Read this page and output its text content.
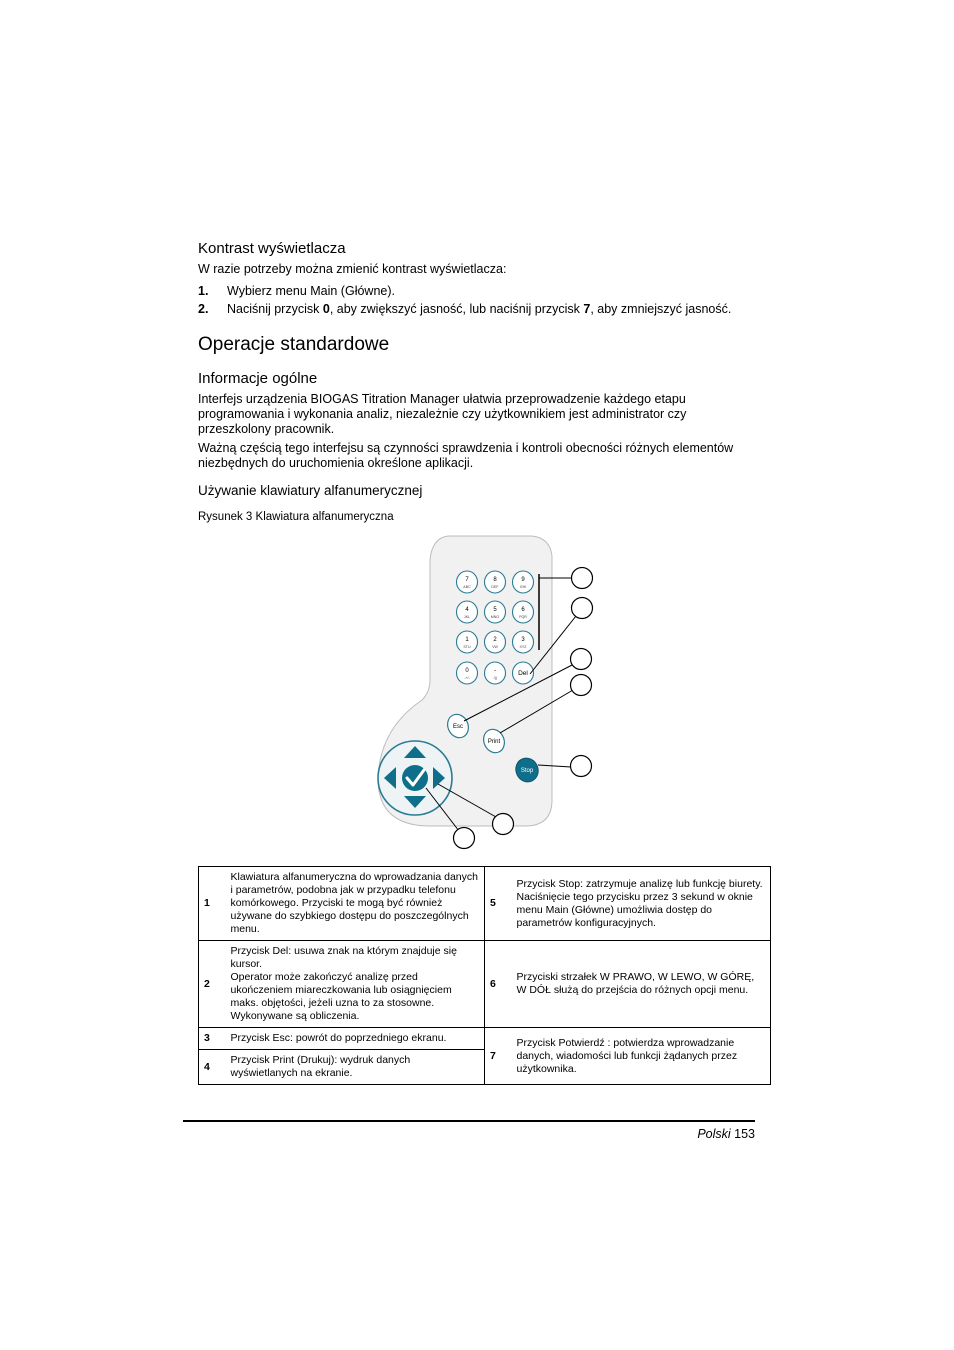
Kontrast wyświetlacza
W razie potrzeby można zmienić kontrast wyświetlacza:
1. Wybierz menu Main (Główne).
2. Naciśnij przycisk 0, aby zwiększyć jasność, lub naciśnij przycisk 7, aby zmniejszyć jasność.
Operacje standardowe
Informacje ogólne
Interfejs urządzenia BIOGAS Titration Manager ułatwia przeprowadzenie każdego etapu programowania i wykonania analiz, niezależnie czy użytkownikiem jest administrator czy przeszkolony pracownik.
Ważną częścią tego interfejsu są czynności sprawdzenia i kontroli obecności różnych elementów niezbędnych do uruchomienia określone aplikacji.
Używanie klawiatury alfanumerycznej
Rysunek 3 Klawiatura alfanumeryczna
7
ABC
8
DEF
9
GHI
4
JKL
5
MNO
6
PQR
1
STU
2
VW
3
XYZ
0
-+/-
-
./()
Del
Esc
Print
Stop
1	Klawiatura alfanumeryczna do wprowadzania danych i parametrów, podobna jak w przypadku telefonu komórkowego. Przyciski te mogą być również używane do szybkiego dostępu do poszczególnych menu.	5	Przycisk Stop: zatrzymuje analizę lub funkcję biurety. Naciśnięcie tego przycisku przez 3 sekund w oknie menu Main (Główne) umożliwia dostęp do parametrów konfiguracyjnych.
2	Przycisk Del: usuwa znak na którym znajduje się kursor.
Operator może zakończyć analizę przed ukończeniem miareczkowania lub osiągnięciem maks. objętości, jeżeli uzna to za stosowne. Wykonywane są obliczenia.	6	Przyciski strzałek W PRAWO, W LEWO, W GÓRĘ, W DÓŁ służą do przejścia do różnych opcji menu.
3	Przycisk Esc: powrót do poprzedniego ekranu.	7	Przycisk Potwierdź : potwierdza wprowadzanie danych, wiadomości lub funkcji żądanych przez użytkownika.
4	Przycisk Print (Drukuj): wydruk danych wyświetlanych na ekranie.		
Polski 153
